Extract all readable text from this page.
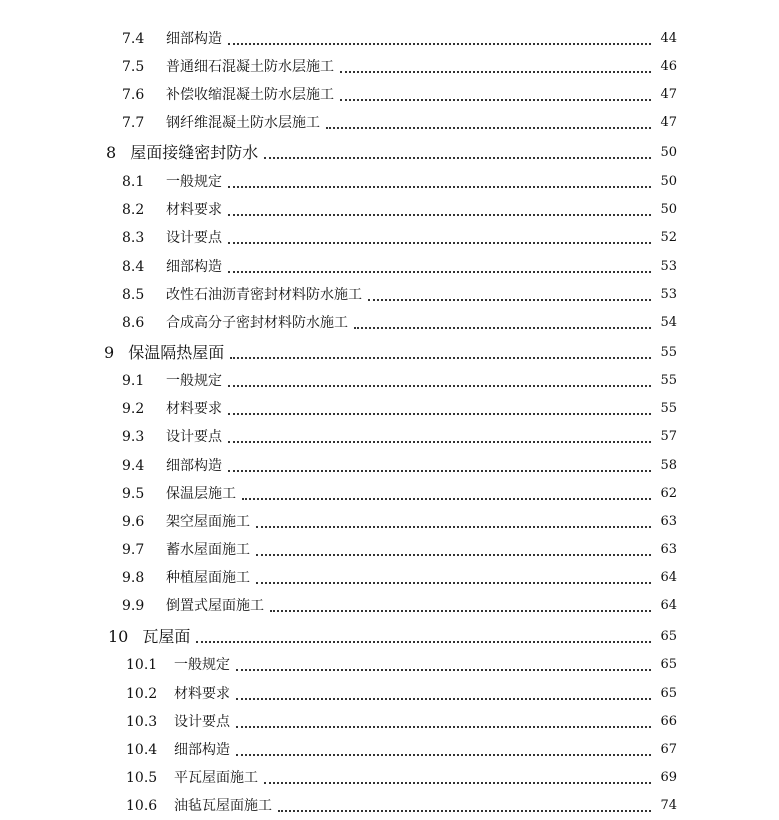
7.4	细部构造	44
7.5	普通细石混凝土防水层施工	46
7.6	补偿收缩混凝土防水层施工	47
7.7	钢纤维混凝土防水层施工	47
8 屋面接缝密封防水	50
8.1	一般规定	50
8.2	材料要求	50
8.3	设计要点	52
8.4	细部构造	53
8.5	改性石油沥青密封材料防水施工	53
8.6	合成高分子密封材料防水施工	54
9 保温隔热屋面	55
9.1	一般规定	55
9.2	材料要求	55
9.3	设计要点	57
9.4	细部构造	58
9.5	保温层施工	62
9.6	架空屋面施工	63
9.7	蓄水屋面施工	63
9.8	种植屋面施工	64
9.9	倒置式屋面施工	64
10 瓦屋面	65
10.1	一般规定	65
10.2	材料要求	65
10.3	设计要点	66
10.4	细部构造	67
10.5	平瓦屋面施工	69
10.6	油毡瓦屋面施工	74
